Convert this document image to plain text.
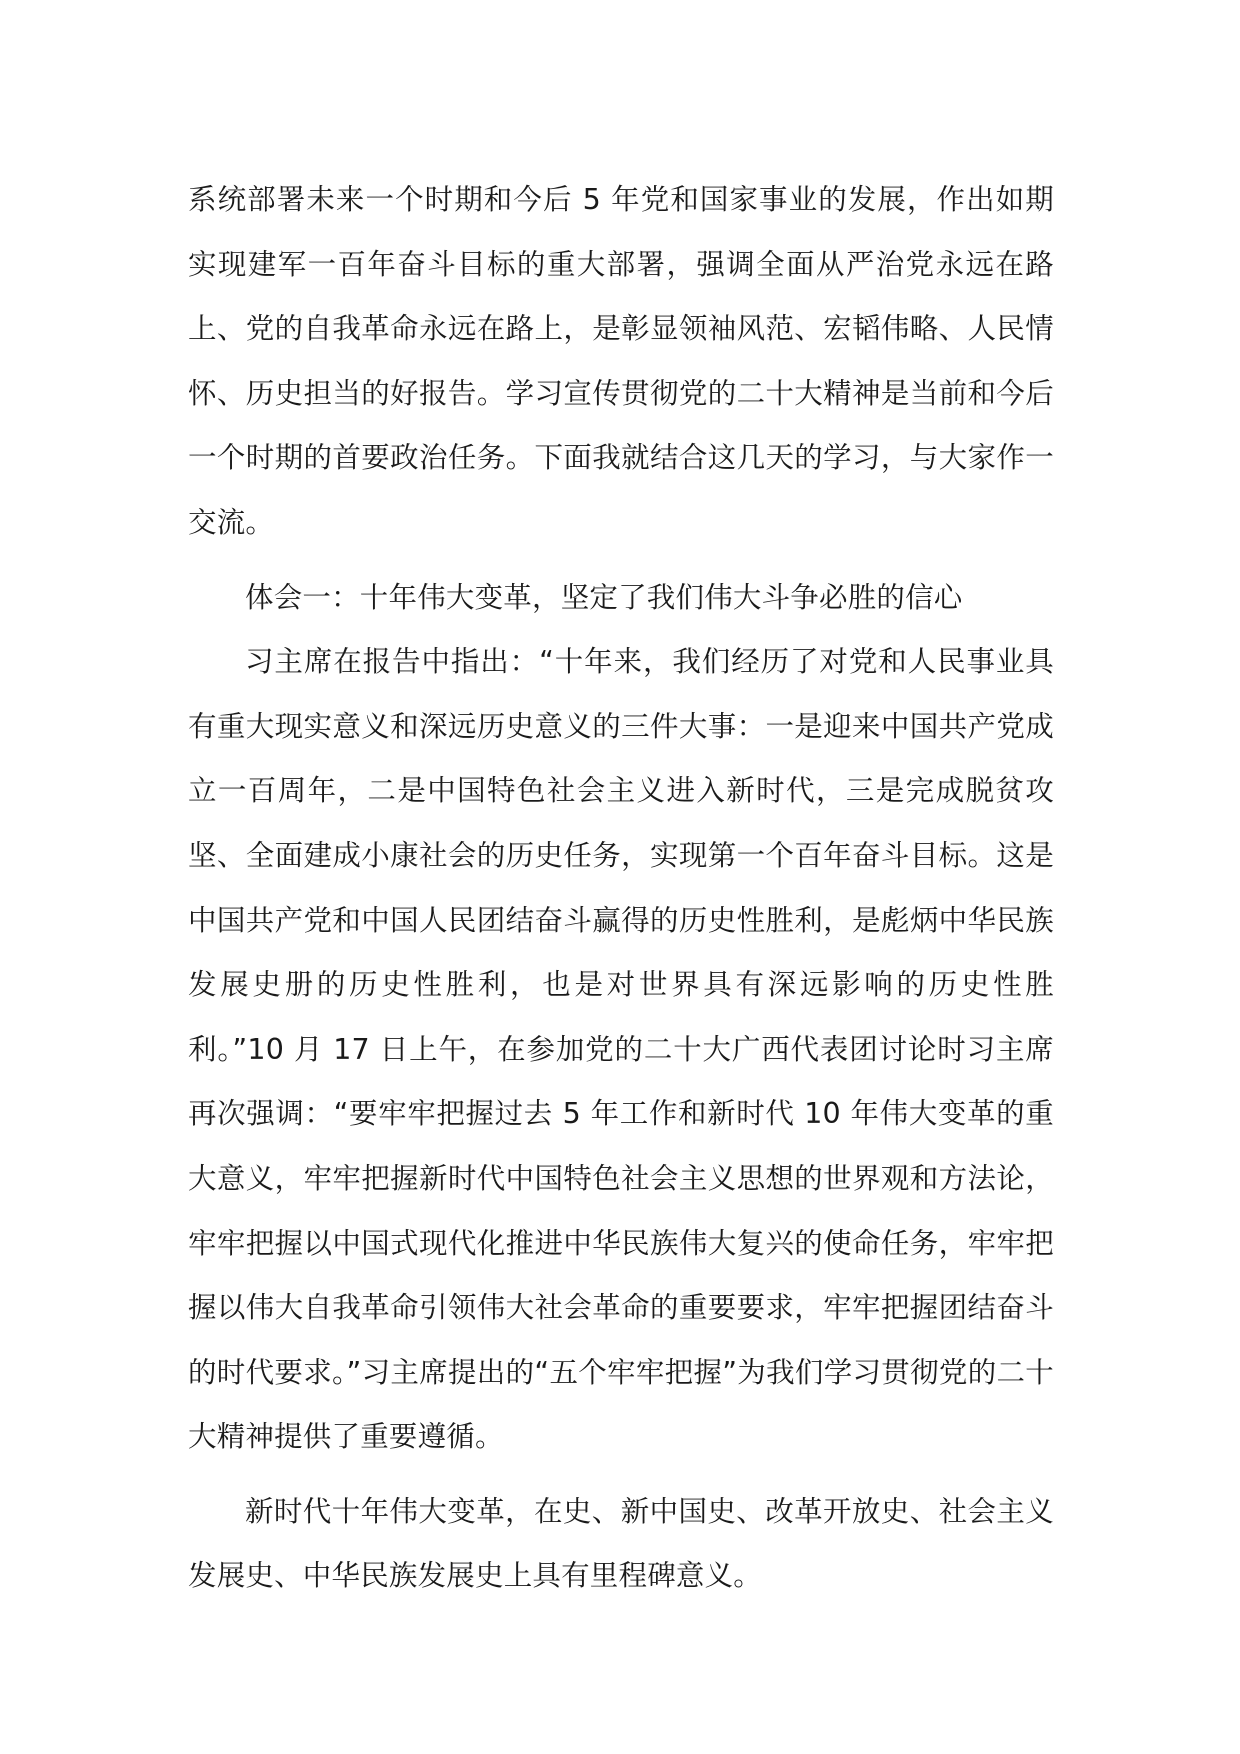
系统部署未来一个时期和今后 5 年党和国家事业的发展，作出如期实现建军一百年奋斗目标的重大部署，强调全面从严治党永远在路上、党的自我革命永远在路上，是彰显领袖风范、宏韬伟略、人民情怀、历史担当的好报告。学习宣传贯彻党的二十大精神是当前和今后一个时期的首要政治任务。下面我就结合这几天的学习，与大家作一交流。

体会一：十年伟大变革，坚定了我们伟大斗争必胜的信心

习主席在报告中指出：“十年来，我们经历了对党和人民事业具有重大现实意义和深远历史意义的三件大事：一是迎来中国共产党成立一百周年，二是中国特色社会主义进入新时代，三是完成脱贫攻坚、全面建成小康社会的历史任务，实现第一个百年奋斗目标。这是中国共产党和中国人民团结奋斗赢得的历史性胜利，是彪炳中华民族发展史册的历史性胜利，也是对世界具有深远影响的历史性胜利。”10 月 17 日上午，在参加党的二十大广西代表团讨论时习主席再次强调：“要牢牢把握过去 5 年工作和新时代 10 年伟大变革的重大意义，牢牢把握新时代中国特色社会主义思想的世界观和方法论，牢牢把握以中国式现代化推进中华民族伟大复兴的使命任务，牢牢把握以伟大自我革命引领伟大社会革命的重要要求，牢牢把握团结奋斗的时代要求。”习主席提出的“五个牢牢把握”为我们学习贯彻党的二十大精神提供了重要遵循。

新时代十年伟大变革，在史、新中国史、改革开放史、社会主义发展史、中华民族发展史上具有里程碑意义。
